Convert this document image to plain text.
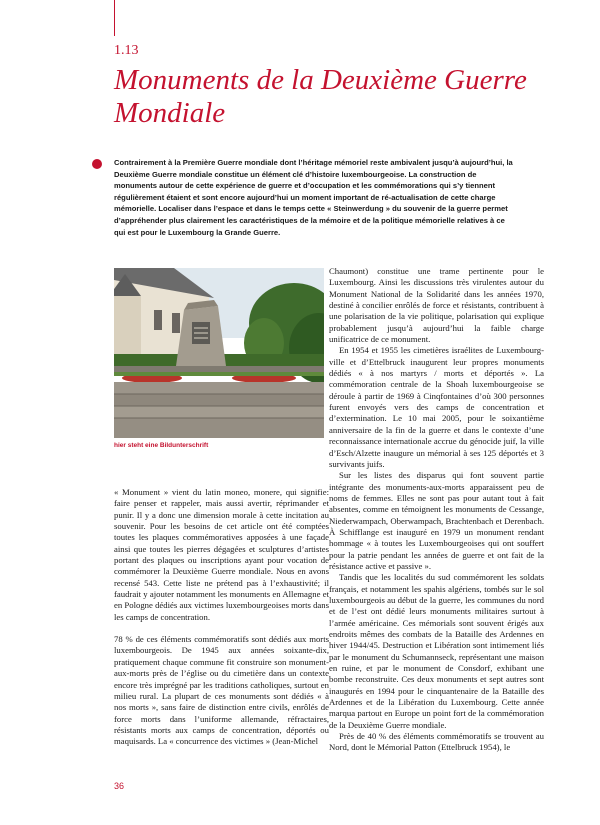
1.13
Monuments de la Deuxième Guerre Mondiale

Contrairement à la Première Guerre mondiale dont l’héritage mémoriel reste ambivalent jusqu’à aujourd’hui, la Deuxième Guerre mondiale constitue un élément clé d’histoire luxembourgeoise. La construction de monuments autour de cette expérience de guerre et d’occupation et les commémorations qui s’y tiennent régulièrement étaient et sont encore aujourd’hui un moment important de ré-actualisation de cette charge mémorielle. Localiser dans l’espace et dans le temps cette « Steinwerdung » du souvenir de la guerre permet d’appréhender plus clairement les caractéristiques de la mémoire et de la politique mémorielle relatives à ce qui est pour le Luxembourg la Grande Guerre.

hier steht eine Bildunterschrift

« Monument » vient du latin moneo, monere, qui signifie: faire penser et rappeler, mais aussi avertir, réprimander et punir. Il y a donc une dimension morale à cette incitation au souvenir. Pour les besoins de cet article ont été comptées toutes les plaques commémoratives apposées à une façade ainsi que toutes les pierres dégagées et sculptures d’artistes portant des plaques ou inscriptions ayant pour vocation de commémorer la Deuxième Guerre mondiale. Nous en avons recensé 543. Cette liste ne prétend pas à l’exhaustivité; il faudrait y ajouter notamment les monuments en Allemagne et en Pologne dédiés aux victimes luxembourgeoises morts dans les camps de concentration.

78 % de ces éléments commémoratifs sont dédiés aux morts luxembourgeois. De 1945 aux années soixante-dix, pratiquement chaque commune fit construire son monument-aux-morts près de l’église ou du cimetière dans un contexte encore très imprégné par les traditions catholiques, surtout en milieu rural. La plupart de ces monuments sont dédiés « à nos morts », sans faire de distinction entre civils, enrôlés de force morts dans l’uniforme allemande, réfractaires, résistants morts aux camps de concentration, déportés ou maquisards. La « concurrence des victimes » (Jean-Michel

Chaumont) constitue une trame pertinente pour le Luxembourg. Ainsi les discussions très virulentes autour du Monument National de la Solidarité dans les années 1970, destiné à concilier enrôlés de force et résistants, contribuent à une polarisation de la vie politique, polarisation qui explique probablement jusqu’à aujourd’hui la faible charge unificatrice de ce monument.

En 1954 et 1955 les cimetières israélites de Luxembourg-ville et d’Ettelbruck inaugurent leur propres monuments dédiés « à nos martyrs / morts et déportés ». La commémoration centrale de la Shoah luxembourgeoise se déroule à partir de 1969 à Cinqfontaines d’où 300 personnes furent envoyés vers des camps de concentration et d’extermination. Le 10 mai 2005, pour le soixantième anniversaire de la fin de la guerre et dans le contexte d’une reconnaissance internationale accrue du génocide juif, la ville d’Esch/Alzette inaugure un mémorial à ses 125 déportés et 3 survivants juifs.

Sur les listes des disparus qui font souvent partie intégrante des monuments-aux-morts apparaissent peu de noms de femmes. Elles ne sont pas pour autant tout à fait absentes, comme en témoignent les monuments de Cessange, Niederwampach, Oberwampach, Brachtenbach et Derenbach. À Schifflange est inauguré en 1979 un monument rendant hommage « à toutes les Luxembourgeoises qui ont souffert pour la patrie pendant les années de guerre et ont fait de la résistance active et passive ».

Tandis que les localités du sud commémorent les soldats français, et notamment les spahis algériens, tombés sur le sol luxembourgeois au début de la guerre, les communes du nord et de l’est ont dédié leurs monuments militaires surtout à l’armée américaine. Ces mémorials sont souvent érigés aux endroits mêmes des combats de la Bataille des Ardennes en hiver 1944/45. Destruction et Libération sont intimement liés par le monument du Schumannseck, représentant une maison en ruine, et par le monument de Consdorf, exhibant une bombe reconstruite. Ces deux monuments et sept autres sont inaugurés en 1994 pour le cinquantenaire de la Bataille des Ardennes et de la Libération du Luxembourg. Cette année marqua partout en Europe un point fort de la commémoration de la Deuxième Guerre mondiale.

Près de 40 % des éléments commémoratifs se trouvent au Nord, dont le Mémorial Patton (Ettelbruck 1954), le

36
